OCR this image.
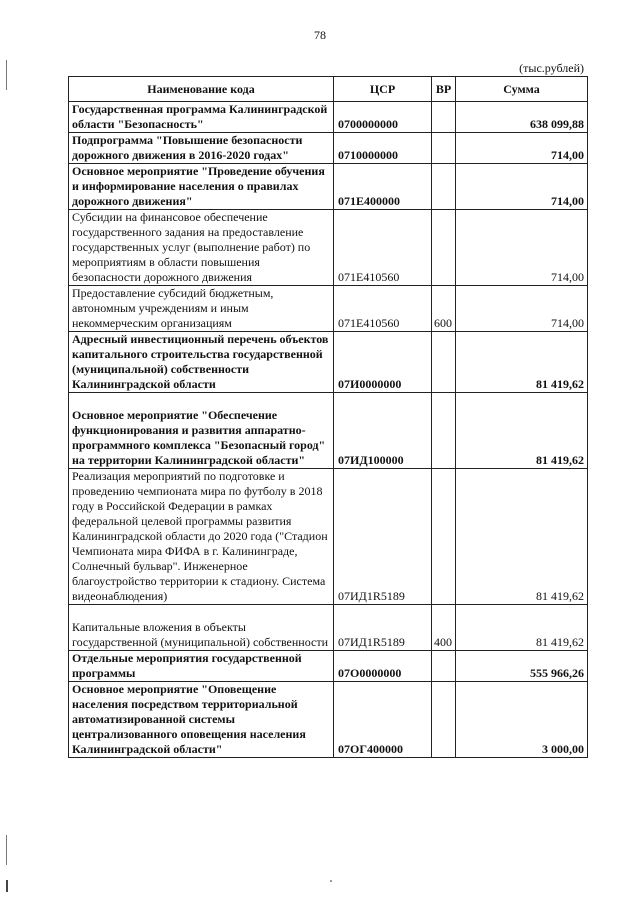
78
(тыс.рублей)
Наименование кода	ЦСР	ВР	Сумма
Государственная программа Калининградской области "Безопасность"	0700000000		638 099,88
Подпрограмма "Повышение безопасности дорожного движения в 2016-2020 годах"	0710000000		714,00
Основное мероприятие "Проведение обучения и информирование населения о правилах дорожного движения"	071E400000		714,00
Субсидии на финансовое обеспечение государственного задания на предоставление государственных услуг (выполнение работ) по мероприятиям в области повышения безопасности дорожного движения	071E410560		714,00
Предоставление субсидий бюджетным, автономным учреждениям и иным некоммерческим организациям	071E410560	600	714,00
Адресный инвестиционный перечень объектов капитального строительства государственной (муниципальной) собственности Калининградской области	07И0000000		81 419,62

Основное мероприятие "Обеспечение функционирования и развития аппаратно-программного комплекса "Безопасный город" на территории Калининградской области"	07ИД100000		81 419,62
Реализация мероприятий по подготовке и проведению чемпионата мира по футболу в 2018 году в Российской Федерации в рамках федеральной целевой программы развития Калининградской области до 2020 года ("Стадион Чемпионата мира ФИФА в г. Калининграде, Солнечный бульвар". Инженерное благоустройство территории к стадиону. Система видеонаблюдения)	07ИД1R5189		81 419,62

Капитальные вложения в объекты государственной (муниципальной) собственности	07ИД1R5189	400	81 419,62
Отдельные мероприятия государственной программы	07О0000000		555 966,26
Основное мероприятие "Оповещение населения посредством территориальной автоматизированной системы централизованного оповещения населения Калининградской области"	07ОГ400000		3 000,00
